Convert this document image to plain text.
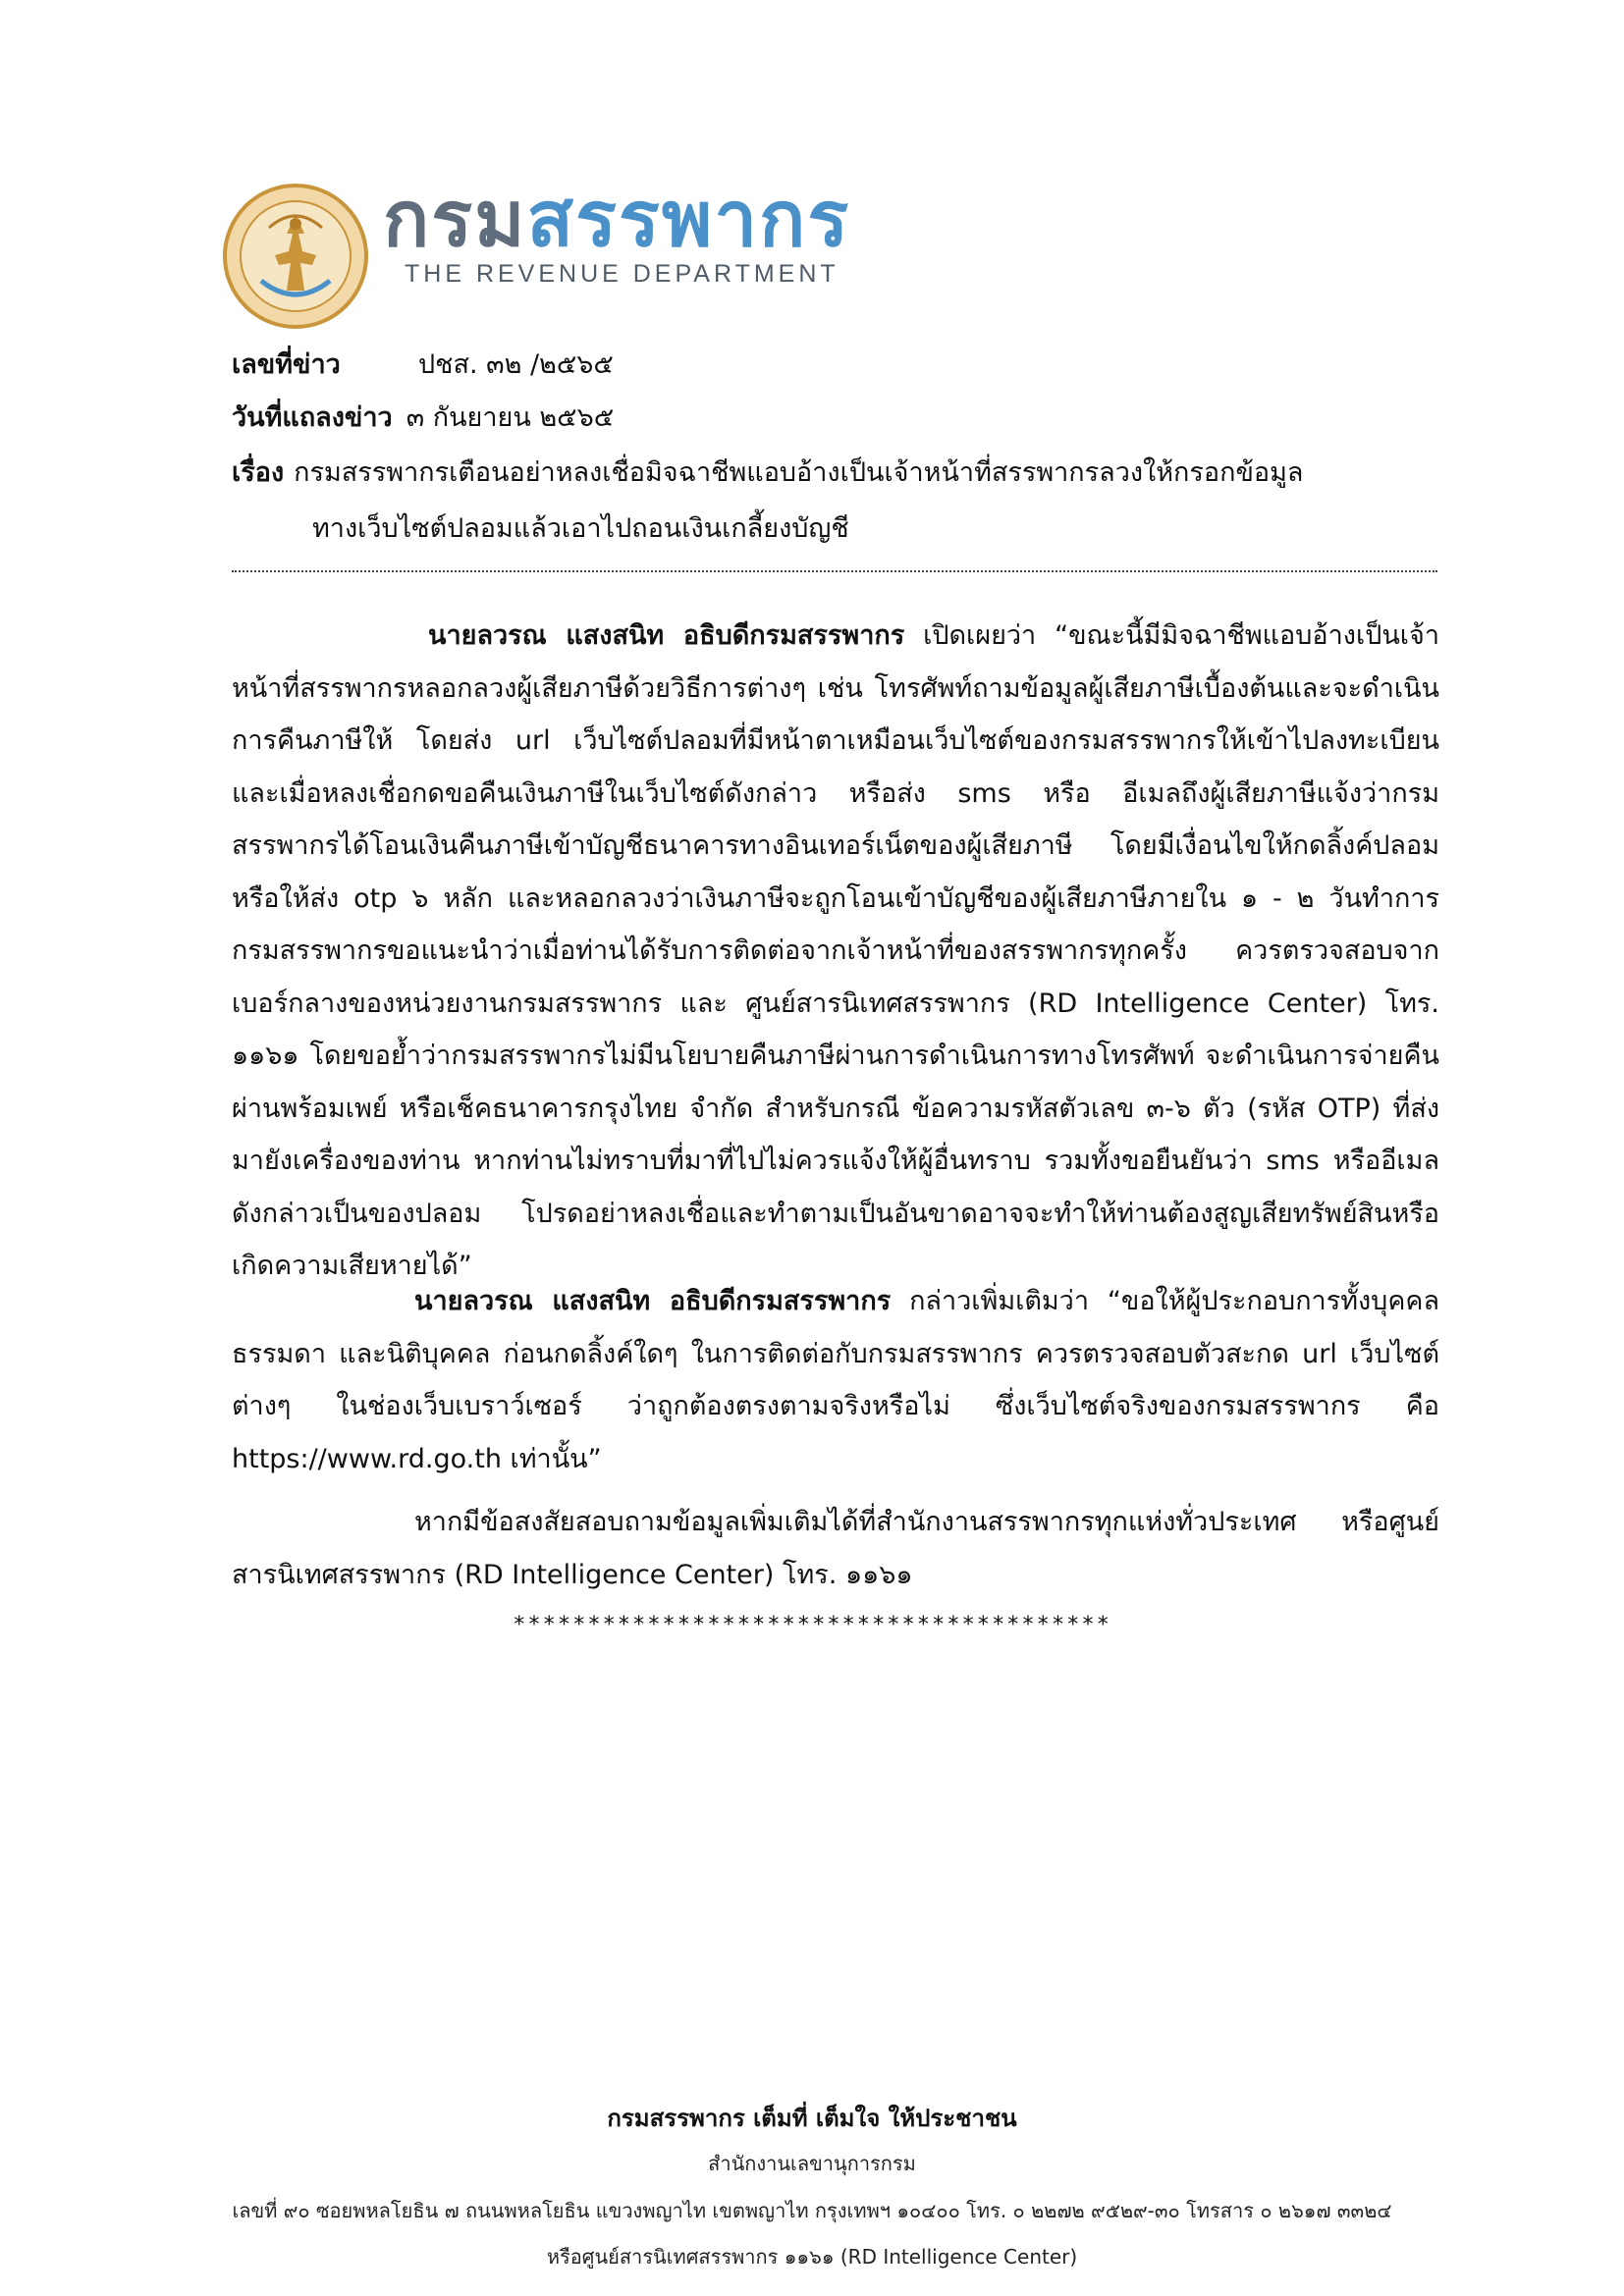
กรมสรรพากร
THE REVENUE DEPARTMENT
เลขที่ข่าว	ปชส. ๓๒ /๒๕๖๕
วันที่แถลงข่าว ๓ กันยายน ๒๕๖๕
เรื่อง กรมสรรพากรเตือนอย่าหลงเชื่อมิจฉาชีพแอบอ้างเป็นเจ้าหน้าที่สรรพากรลวงให้กรอกข้อมูล
ทางเว็บไซต์ปลอมแล้วเอาไปถอนเงินเกลี้ยงบัญชี
นายลวรณ แสงสนิท อธิบดีกรมสรรพากร เปิดเผยว่า “ขณะนี้มีมิจฉาชีพแอบอ้างเป็นเจ้าหน้าที่สรรพากรหลอกลวงผู้เสียภาษีด้วยวิธีการต่างๆ เช่น โทรศัพท์ถามข้อมูลผู้เสียภาษีเบื้องต้นและจะดำเนินการคืนภาษีให้ โดยส่ง url เว็บไซต์ปลอมที่มีหน้าตาเหมือนเว็บไซต์ของกรมสรรพากรให้เข้าไปลงทะเบียน และเมื่อหลงเชื่อกดขอคืนเงินภาษีในเว็บไซต์ดังกล่าว หรือส่ง sms หรือ อีเมลถึงผู้เสียภาษีแจ้งว่ากรมสรรพากรได้โอนเงินคืนภาษีเข้าบัญชีธนาคารทางอินเทอร์เน็ตของผู้เสียภาษี โดยมีเงื่อนไขให้กดลิ้งค์ปลอมหรือให้ส่ง otp ๖ หลัก และหลอกลวงว่าเงินภาษีจะถูกโอนเข้าบัญชีของผู้เสียภาษีภายใน ๑ - ๒ วันทำการ กรมสรรพากรขอแนะนำว่าเมื่อท่านได้รับการติดต่อจากเจ้าหน้าที่ของสรรพากรทุกครั้ง ควรตรวจสอบจากเบอร์กลางของหน่วยงานกรมสรรพากร และ ศูนย์สารนิเทศสรรพากร (RD Intelligence Center) โทร. ๑๑๖๑ โดยขอย้ำว่ากรมสรรพากรไม่มีนโยบายคืนภาษีผ่านการดำเนินการทางโทรศัพท์ จะดำเนินการจ่ายคืนผ่านพร้อมเพย์ หรือเช็คธนาคารกรุงไทย จำกัด สำหรับกรณี ข้อความรหัสตัวเลข ๓-๖ ตัว (รหัส OTP) ที่ส่งมายังเครื่องของท่าน หากท่านไม่ทราบที่มาที่ไปไม่ควรแจ้งให้ผู้อื่นทราบ รวมทั้งขอยืนยันว่า sms หรืออีเมลดังกล่าวเป็นของปลอม โปรดอย่าหลงเชื่อและทำตามเป็นอันขาดอาจจะทำให้ท่านต้องสูญเสียทรัพย์สินหรือเกิดความเสียหายได้”
นายลวรณ แสงสนิท อธิบดีกรมสรรพากร กล่าวเพิ่มเติมว่า “ขอให้ผู้ประกอบการทั้งบุคคลธรรมดา และนิติบุคคล ก่อนกดลิ้งค์ใดๆ ในการติดต่อกับกรมสรรพากร ควรตรวจสอบตัวสะกด url เว็บไซต์ต่างๆ ในช่องเว็บเบราว์เซอร์ ว่าถูกต้องตรงตามจริงหรือไม่ ซึ่งเว็บไซต์จริงของกรมสรรพากร คือ https://www.rd.go.th เท่านั้น”
หากมีข้อสงสัยสอบถามข้อมูลเพิ่มเติมได้ที่สำนักงานสรรพากรทุกแห่งทั่วประเทศ หรือศูนย์สารนิเทศสรรพากร (RD Intelligence Center) โทร. ๑๑๖๑
****************************************
กรมสรรพากร เต็มที่ เต็มใจ ให้ประชาชน
สำนักงานเลขานุการกรม
เลขที่ ๙๐ ซอยพหลโยธิน ๗ ถนนพหลโยธิน แขวงพญาไท เขตพญาไท กรุงเทพฯ ๑๐๔๐๐ โทร. ๐ ๒๒๗๒ ๙๕๒๙-๓๐ โทรสาร ๐ ๒๖๑๗ ๓๓๒๔
หรือศูนย์สารนิเทศสรรพากร ๑๑๖๑ (RD Intelligence Center)
